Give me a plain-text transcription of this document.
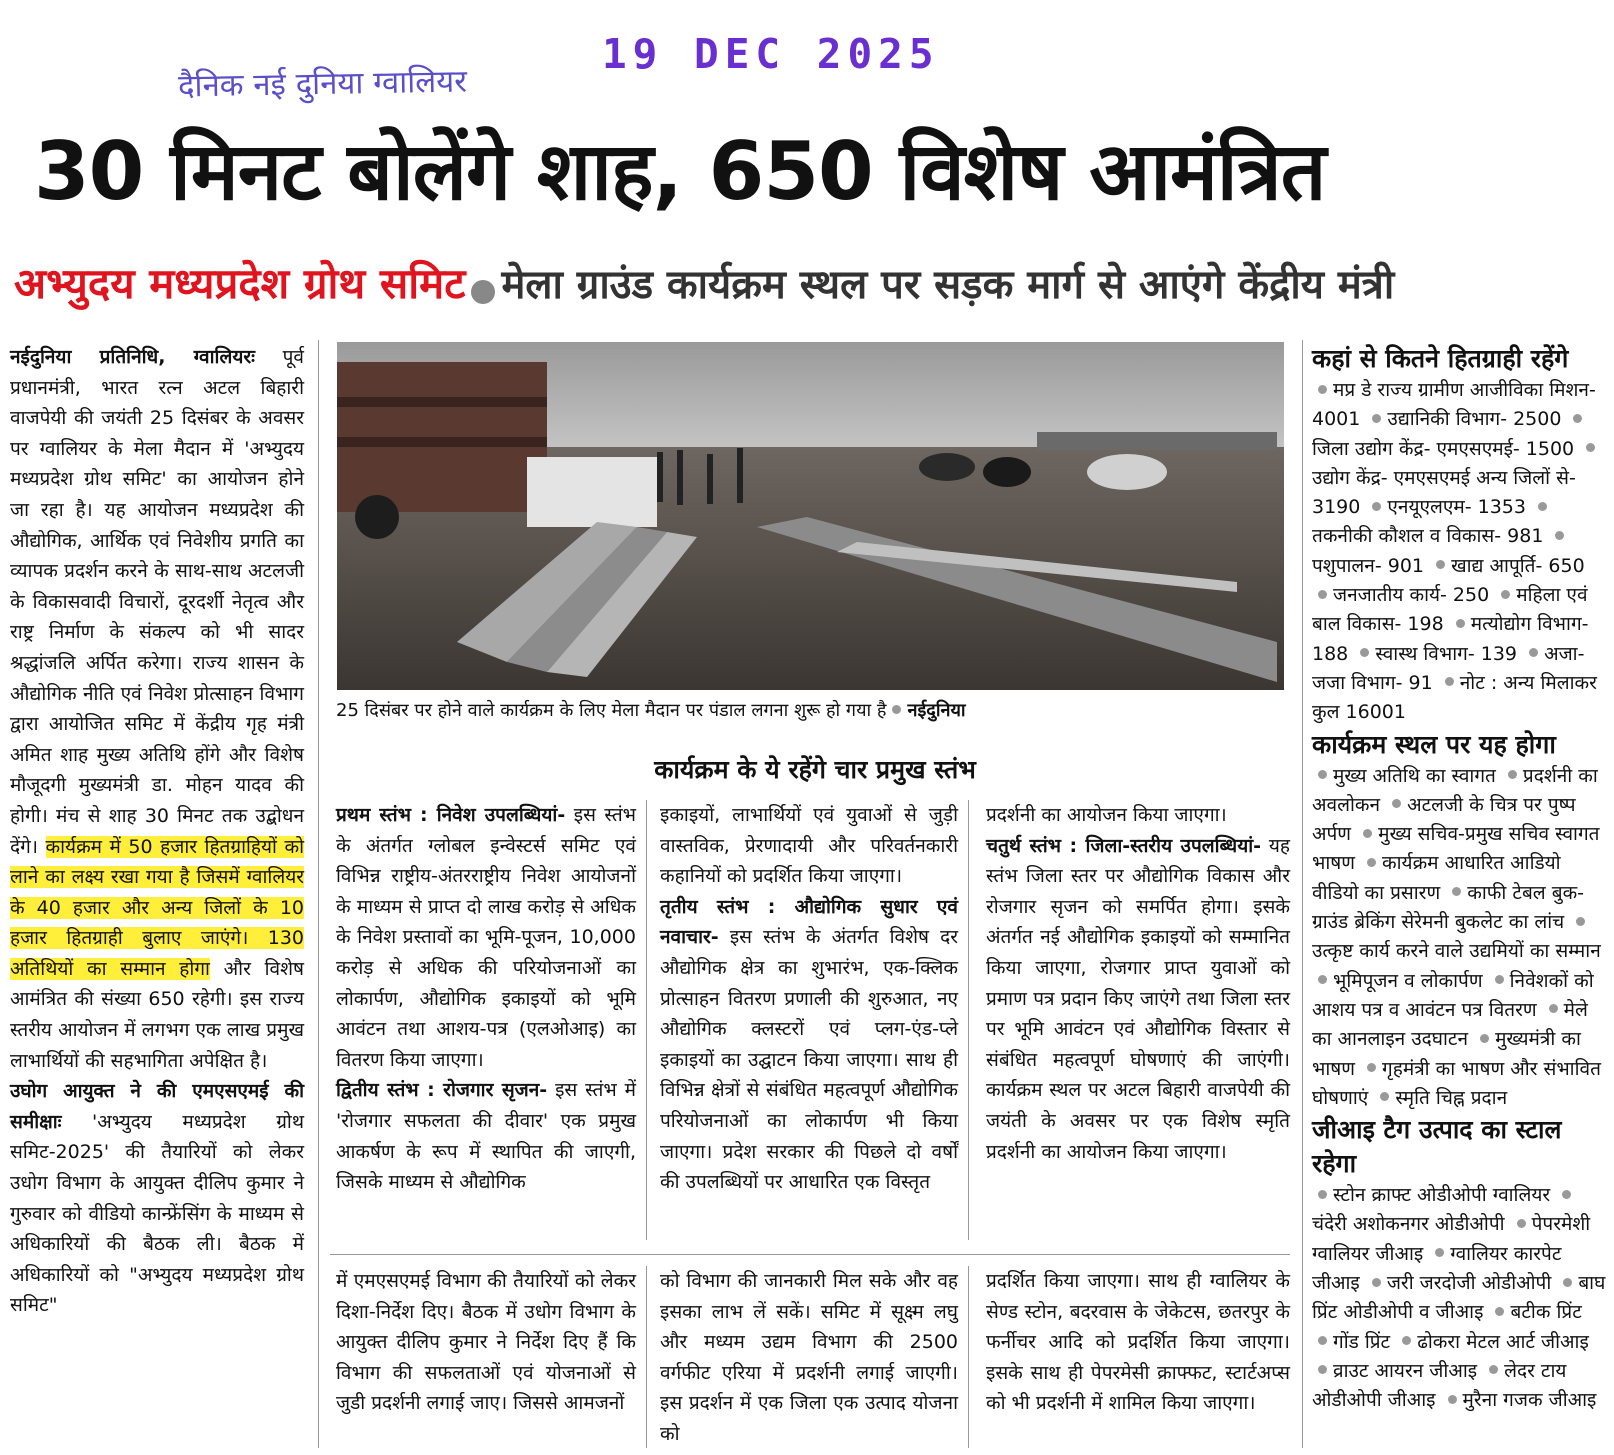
दैनिक नई दुनिया ग्वालियर
19 DEC 2025
30 मिनट बोलेंगे शाह, 650 विशेष आमंत्रित
अभ्युदय मध्यप्रदेश ग्रोथ समिट मेला ग्राउंड कार्यक्रम स्थल पर सड़क मार्ग से आएंगे केंद्रीय मंत्री

नईदुनिया प्रतिनिधि, ग्वालियरः पूर्व प्रधानमंत्री, भारत रत्न अटल बिहारी वाजपेयी की जयंती 25 दिसंबर के अवसर पर ग्वालियर के मेला मैदान में 'अभ्युदय मध्यप्रदेश ग्रोथ समिट' का आयोजन होने जा रहा है। यह आयोजन मध्यप्रदेश की औद्योगिक, आर्थिक एवं निवेशीय प्रगति का व्यापक प्रदर्शन करने के साथ-साथ अटलजी के विकासवादी विचारों, दूरदर्शी नेतृत्व और राष्ट्र निर्माण के संकल्प को भी सादर श्रद्धांजलि अर्पित करेगा। राज्य शासन के औद्योगिक नीति एवं निवेश प्रोत्साहन विभाग द्वारा आयोजित समिट में केंद्रीय गृह मंत्री अमित शाह मुख्य अतिथि होंगे और विशेष मौजूदगी मुख्यमंत्री डा. मोहन यादव की होगी। मंच से शाह 30 मिनट तक उद्बोधन देंगे। कार्यक्रम में 50 हजार हितग्राहियों को लाने का लक्ष्य रखा गया है जिसमें ग्वालियर के 40 हजार और अन्य जिलों के 10 हजार हितग्राही बुलाए जाएंगे। 130 अतिथियों का सम्मान होगा और विशेष आमंत्रित की संख्या 650 रहेगी। इस राज्य स्तरीय आयोजन में लगभग एक लाख प्रमुख लाभार्थियों की सहभागिता अपेक्षित है।

उघोग आयुक्त ने की एमएसएमई की समीक्षाः 'अभ्युदय मध्यप्रदेश ग्रोथ समिट-2025' की तैयारियों को लेकर उधोग विभाग के आयुक्त दीलिप कुमार ने गुरुवार को वीडियो कान्फ्रेंसिंग के माध्यम से अधिकारियों की बैठक ली। बैठक में अधिकारियों को "अभ्युदय मध्यप्रदेश ग्रोथ समिट"

25 दिसंबर पर होने वाले कार्यक्रम के लिए मेला मैदान पर पंडाल लगना शुरू हो गया है नईदुनिया
कार्यक्रम के ये रहेंगे चार प्रमुख स्तंभ

प्रथम स्तंभ : निवेश उपलब्धियां- इस स्तंभ के अंतर्गत ग्लोबल इन्वेस्टर्स समिट एवं विभिन्न राष्ट्रीय-अंतरराष्ट्रीय निवेश आयोजनों के माध्यम से प्राप्त दो लाख करोड़ से अधिक के निवेश प्रस्तावों का भूमि-पूजन, 10,000 करोड़ से अधिक की परियोजनाओं का लोकार्पण, औद्योगिक इकाइयों को भूमि आवंटन तथा आशय-पत्र (एलओआइ) का वितरण किया जाएगा।

द्वितीय स्तंभ : रोजगार सृजन- इस स्तंभ में 'रोजगार सफलता की दीवार' एक प्रमुख आकर्षण के रूप में स्थापित की जाएगी, जिसके माध्यम से औद्योगिक

इकाइयों, लाभार्थियों एवं युवाओं से जुड़ी वास्तविक, प्रेरणादायी और परिवर्तनकारी कहानियों को प्रदर्शित किया जाएगा।

तृतीय स्तंभ : औद्योगिक सुधार एवं नवाचार- इस स्तंभ के अंतर्गत विशेष दर औद्योगिक क्षेत्र का शुभारंभ, एक-क्लिक प्रोत्साहन वितरण प्रणाली की शुरुआत, नए औद्योगिक क्लस्टरों एवं प्लग-एंड-प्ले इकाइयों का उद्घाटन किया जाएगा। साथ ही विभिन्न क्षेत्रों से संबंधित महत्वपूर्ण औद्योगिक परियोजनाओं का लोकार्पण भी किया जाएगा। प्रदेश सरकार की पिछले दो वर्षों की उपलब्धियों पर आधारित एक विस्तृत

प्रदर्शनी का आयोजन किया जाएगा।

चतुर्थ स्तंभ : जिला-स्तरीय उपलब्धियां- यह स्तंभ जिला स्तर पर औद्योगिक विकास और रोजगार सृजन को समर्पित होगा। इसके अंतर्गत नई औद्योगिक इकाइयों को सम्मानित किया जाएगा, रोजगार प्राप्त युवाओं को प्रमाण पत्र प्रदान किए जाएंगे तथा जिला स्तर पर भूमि आवंटन एवं औद्योगिक विस्तार से संबंधित महत्वपूर्ण घोषणाएं की जाएंगी। कार्यक्रम स्थल पर अटल बिहारी वाजपेयी की जयंती के अवसर पर एक विशेष स्मृति प्रदर्शनी का आयोजन किया जाएगा।

में एमएसएमई विभाग की तैयारियों को लेकर दिशा-निर्देश दिए। बैठक में उधोग विभाग के आयुक्त दीलिप कुमार ने निर्देश दिए हैं कि विभाग की सफलताओं एवं योजनाओं से जुडी प्रदर्शनी लगाई जाए। जिससे आमजनों
को विभाग की जानकारी मिल सके और वह इसका लाभ लें सकें। समिट में सूक्ष्म लघु और मध्यम उद्यम विभाग की 2500 वर्गफीट एरिया में प्रदर्शनी लगाई जाएगी। इस प्रदर्शन में एक जिला एक उत्पाद योजना को
प्रदर्शित किया जाएगा। साथ ही ग्वालियर के सेण्ड स्टोन, बदरवास के जेकेटस, छतरपुर के फर्नीचर आदि को प्रदर्शित किया जाएगा। इसके साथ ही पेपरमेसी क्राफ्फट, स्टार्टअप्स को भी प्रदर्शनी में शामिल किया जाएगा।
कहां से कितने हितग्राही रहेंगे
मप्र डे राज्य ग्रामीण आजीविका मिशन- 4001 उद्यानिकी विभाग- 2500 जिला उद्योग केंद्र- एमएसएमई- 1500 उद्योग केंद्र- एमएसएमई अन्य जिलों से- 3190 एनयूएलएम- 1353 तकनीकी कौशल व विकास- 981 पशुपालन- 901 खाद्य आपूर्ति- 650 जनजातीय कार्य- 250 महिला एवं बाल विकास- 198 मत्योद्योग विभाग- 188 स्वास्थ विभाग- 139 अजा-जजा विभाग- 91 नोट : अन्य मिलाकर कुल 16001
कार्यक्रम स्थल पर यह होगा
मुख्य अतिथि का स्वागत प्रदर्शनी का अवलोकन अटलजी के चित्र पर पुष्प अर्पण मुख्य सचिव-प्रमुख सचिव स्वागत भाषण कार्यक्रम आधारित आडियो वीडियो का प्रसारण काफी टेबल बुक- ग्राउंड ब्रेकिंग सेरेमनी बुकलेट का लांच उत्कृष्ट कार्य करने वाले उद्यमियों का सम्मान भूमिपूजन व लोकार्पण निवेशकों को आशय पत्र व आवंटन पत्र वितरण मेले का आनलाइन उदघाटन मुख्यमंत्री का भाषण गृहमंत्री का भाषण और संभावित घोषणाएं स्मृति चिह्न प्रदान
जीआइ टैग उत्पाद का स्टाल रहेगा
स्टोन क्राफ्ट ओडीओपी ग्वालियर चंदेरी अशोकनगर ओडीओपी पेपरमेशी ग्वालियर जीआइ ग्वालियर कारपेट जीआइ जरी जरदोजी ओडीओपी बाघ प्रिंट ओडीओपी व जीआइ बटीक प्रिंट गोंड प्रिंट ढोकरा मेटल आर्ट जीआइ व्राउट आयरन जीआइ लेदर टाय ओडीओपी जीआइ मुरैना गजक जीआइ
